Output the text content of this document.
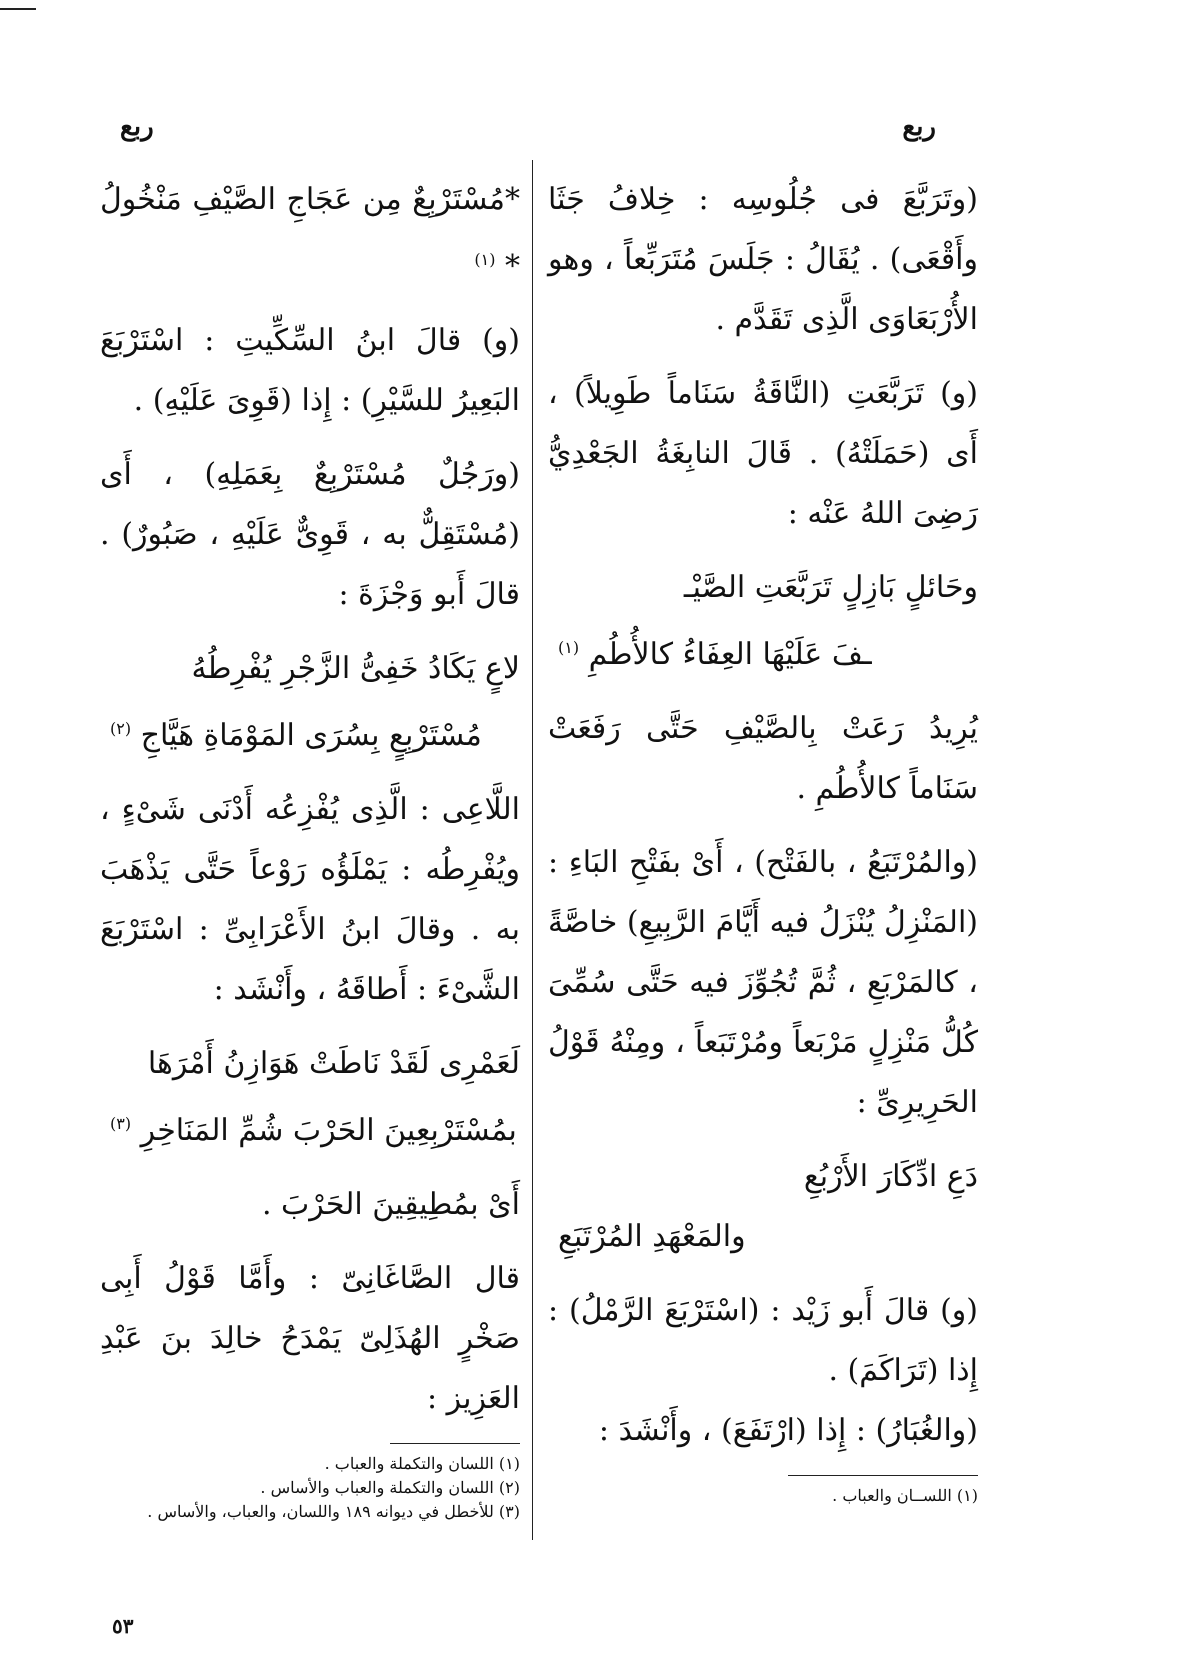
ربع
ربع

(وتَرَبَّعَ فى جُلُوسِه : خِلافُ جَثَا وأَقْعَى) . يُقَالُ : جَلَسَ مُتَرَبِّعاً ، وهو الأُرْبَعَاوَى الَّذِى تَقَدَّم .

(و) تَرَبَّعَتِ (النَّاقَةُ سَنَاماً طَوِيلاً) ، أَى (حَمَلَتْهُ) . قَالَ النابِغَةُ الجَعْدِيُّ رَضِىَ اللهُ عَنْه :

وحَائلٍ بَازِلٍ تَرَبَّعَتِ الصَّيْـ
ـفَ عَلَيْهَا العِفَاءُ كالأُطُمِ $^{(١)}$

يُرِيدُ رَعَتْ بِالصَّيْفِ حَتَّى رَفَعَتْ سَنَاماً كالأُطُمِ .

(والمُرْتَبَعُ ، بالفَتْح) ، أَىْ بفَتْحِ البَاءِ : (المَنْزِلُ يُنْزَلُ فيه أَيَّامَ الرَّبِيعِ) خاصَّةً ، كالمَرْبَعِ ، ثُمَّ تُجُوِّزَ فيه حَتَّى سُمِّىَ كُلُّ مَنْزِلٍ مَرْبَعاً ومُرْتَبَعاً ، ومِنْهُ قَوْلُ الحَرِيرِىِّ :

دَعِ ادِّكَارَ الأَرْبُعِ
والمَعْهَدِ المُرْتَبَعِ

(و) قالَ أَبو زَيْد : (اسْتَرْبَعَ الرَّمْلُ) : إِذا (تَرَاكَمَ) .

(والغُبَارُ) : إِذا (ارْتَفَعَ) ، وأَنْشَدَ :

(١) اللســان والعباب .

*مُسْتَرْبِعٌ مِن عَجَاجِ الصَّيْفِ مَنْخُولُ * $^{(١)}$

(و) قالَ ابنُ السِّكِّيتِ : اسْتَرْبَعَ البَعِيرُ للسَّيْرِ) : إِذا (قَوِىَ عَلَيْهِ) .

(ورَجُلٌ مُسْتَرْبِعٌ بِعَمَلِهِ) ، أَى (مُسْتَقِلٌّ به ، قَوِىٌّ عَلَيْهِ ، صَبُورٌ) . قالَ أَبو وَجْزَةَ :

لاعٍ يَكَادُ خَفِىُّ الزَّجْرِ يُفْرِطُهُ
مُسْتَرْبِعٍ بِسُرَى المَوْمَاةِ هَيَّاجِ $^{(٢)}$

اللَّاعِى : الَّذِى يُفْزِعُه أَدْنَى شَىْءٍ ، ويُفْرِطُه : يَمْلَؤُه رَوْعاً حَتَّى يَذْهَبَ به . وقالَ ابنُ الأَعْرَابِىِّ : اسْتَرْبَعَ الشَّىْءَ : أَطاقَهُ ، وأَنْشَد :

لَعَمْرِى لَقَدْ نَاطَتْ هَوَازِنُ أَمْرَهَا
بمُسْتَرْبِعِينَ الحَرْبَ شُمِّ المَنَاخِرِ $^{(٣)}$

أَىْ بمُطِيقِينَ الحَرْبَ .

قال الصَّاغَانِىّ : وأَمَّا قَوْلُ أَبِى صَخْرٍ الهُذَلِىّ يَمْدَحُ خالِدَ بنَ عَبْدِ العَزِيز :

(١) اللسان والتكملة والعباب .
(٢) اللسان والتكملة والعباب والأساس .
(٣) للأخطل في ديوانه ١٨٩ واللسان، والعباب، والأساس .
٥٣
